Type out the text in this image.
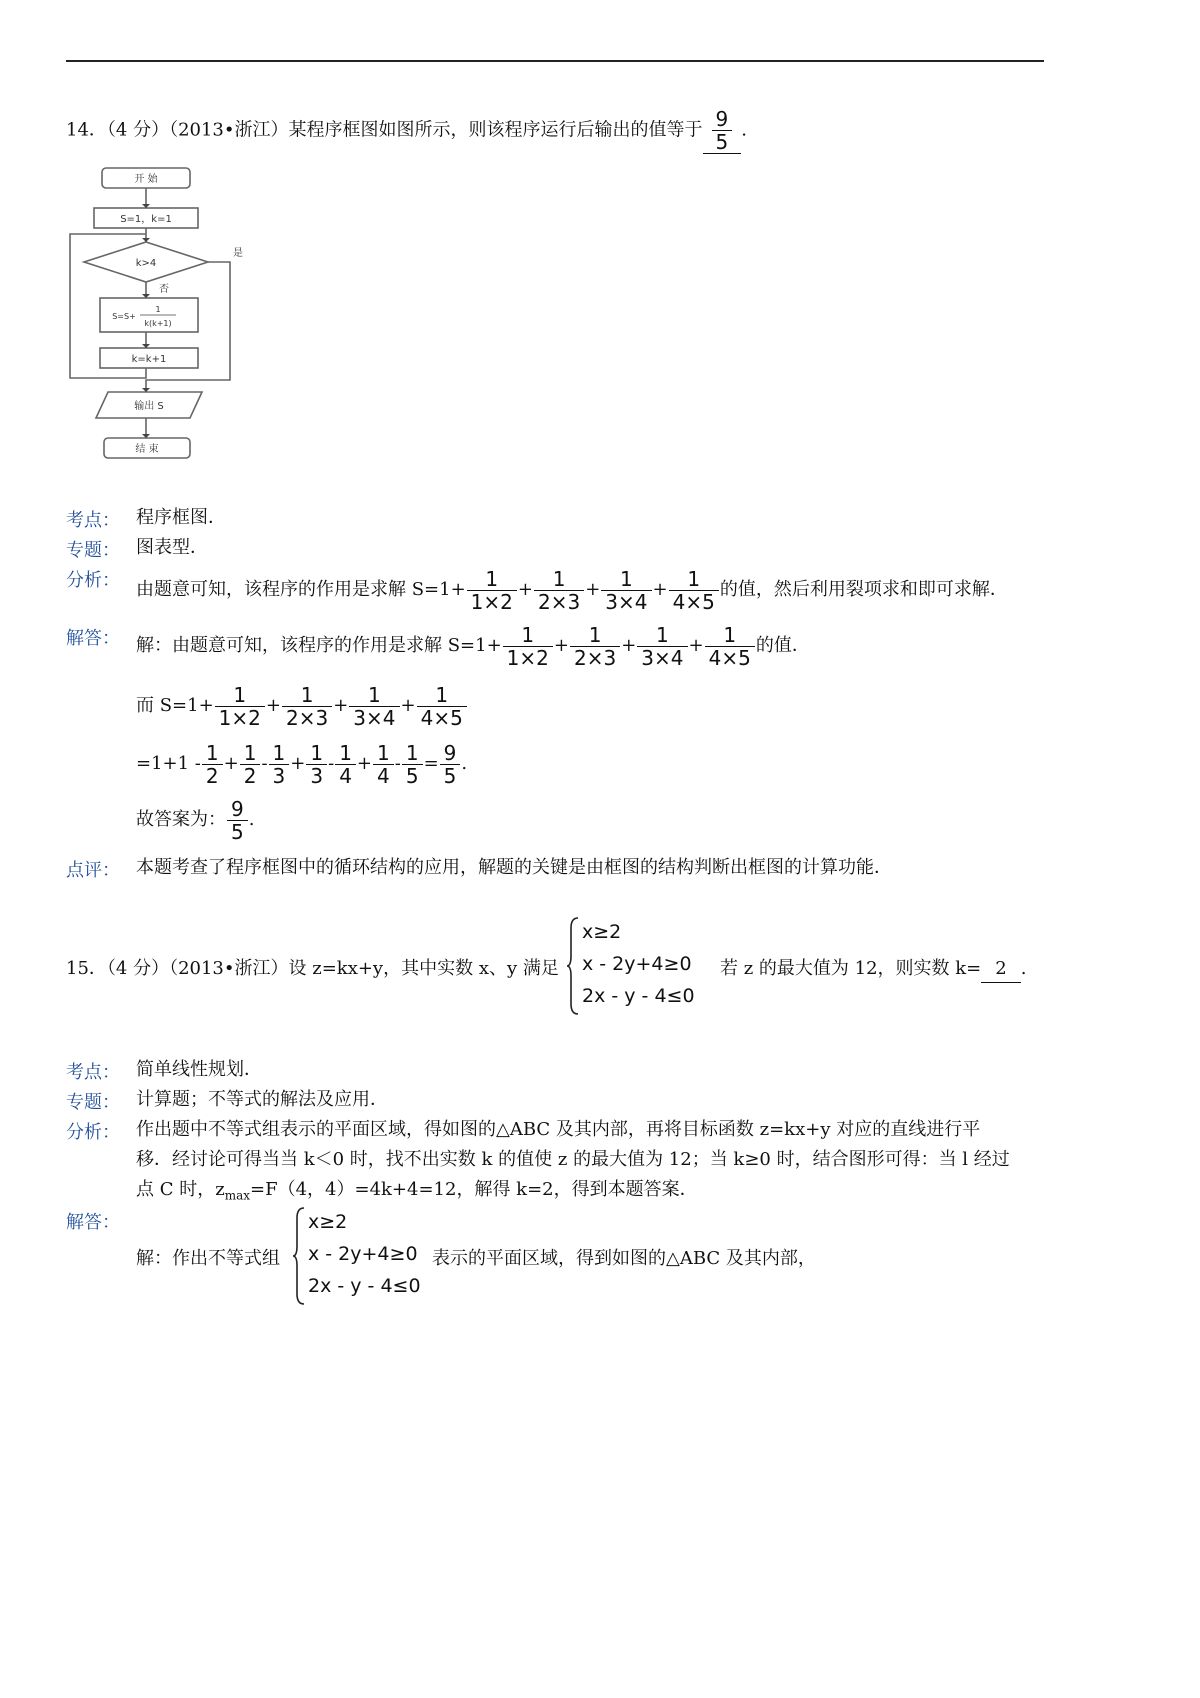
14．（4 分）（2013•浙江）某程序框图如图所示，则该程序运行后输出的值等于 $\frac{9}{5}$ .
开 始
S=1，k=1
k>4
是
否
S=S+
1
k(k+1)
k=k+1
输出 S
结 束
考点： 程序框图．
专题： 图表型．
分析： 由题意可知，该程序的作用是求解 $S=1+ \frac{1}{1\times 2} + \frac{1}{2\times 3} + \frac{1}{3\times 4} + \frac{1}{4\times 5}$ 的值，然后利用裂项求和即可求解．
解答： 解：由题意可知，该程序的作用是求解 $S=1+ \frac{1}{1\times 2} + \frac{1}{2\times 3} + \frac{1}{3\times 4} + \frac{1}{4\times 5}$ 的值．
而 $S=1+ \frac{1}{1\times 2} + \frac{1}{2\times 3} + \frac{1}{3\times 4} + \frac{1}{4\times 5}$
$=1+1 - \frac{1}{2} + \frac{1}{2} - \frac{1}{3} + \frac{1}{3} - \frac{1}{4} + \frac{1}{4} - \frac{1}{5} = \frac{9}{5}$ .
故答案为： $\frac{9}{5}$ .
点评： 本题考查了程序框图中的循环结构的应用，解题的关键是由框图的结构判断出框图的计算功能．
15．（4 分）（2013•浙江）设 z=kx+y，其中实数 x、y 满足
x≥2
x - 2y+4≥0
2x - y - 4≤0
若 z 的最大值为 12，则实数 k= 2 .
考点： 简单线性规划．
专题： 计算题；不等式的解法及应用．
分析： 作出题中不等式组表示的平面区域，得如图的△ABC 及其内部，再将目标函数 z=kx+y 对应的直线进行平
移．经讨论可得当当 k＜0 时，找不出实数 k 的值使 z 的最大值为 12；当 k≥0 时，结合图形可得：当 l 经过
点 C 时，$z_{max}=F(4$，4）=4k+4=12，解得 k=2，得到本题答案．
解答：
解：作出不等式组
x≥2
x - 2y+4≥0
2x - y - 4≤0
表示的平面区域，得到如图的△ABC 及其内部，
